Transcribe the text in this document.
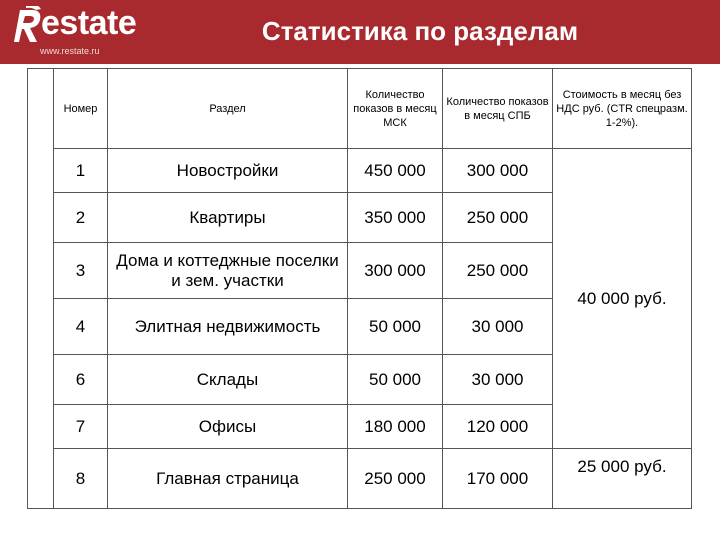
estate
www.restate.ru
Статистика по разделам
	Номер	Раздел	Количество показов в месяц МСК	Количество показов в месяц СПБ	Стоимость в месяц без НДС руб. (CTR спецразм. 1-2%).
	1	Новостройки	450 000	300 000	40 000 руб.
	2	Квартиры	350 000	250 000	
	3	Дома и коттеджные поселки и зем. участки	300 000	250 000	
	4	Элитная недвижимость	50 000	30 000	
	6	Склады	50 000	30 000	
	7	Офисы	180 000	120 000	
	8	Главная страница	250 000	170 000	25 000 руб.
